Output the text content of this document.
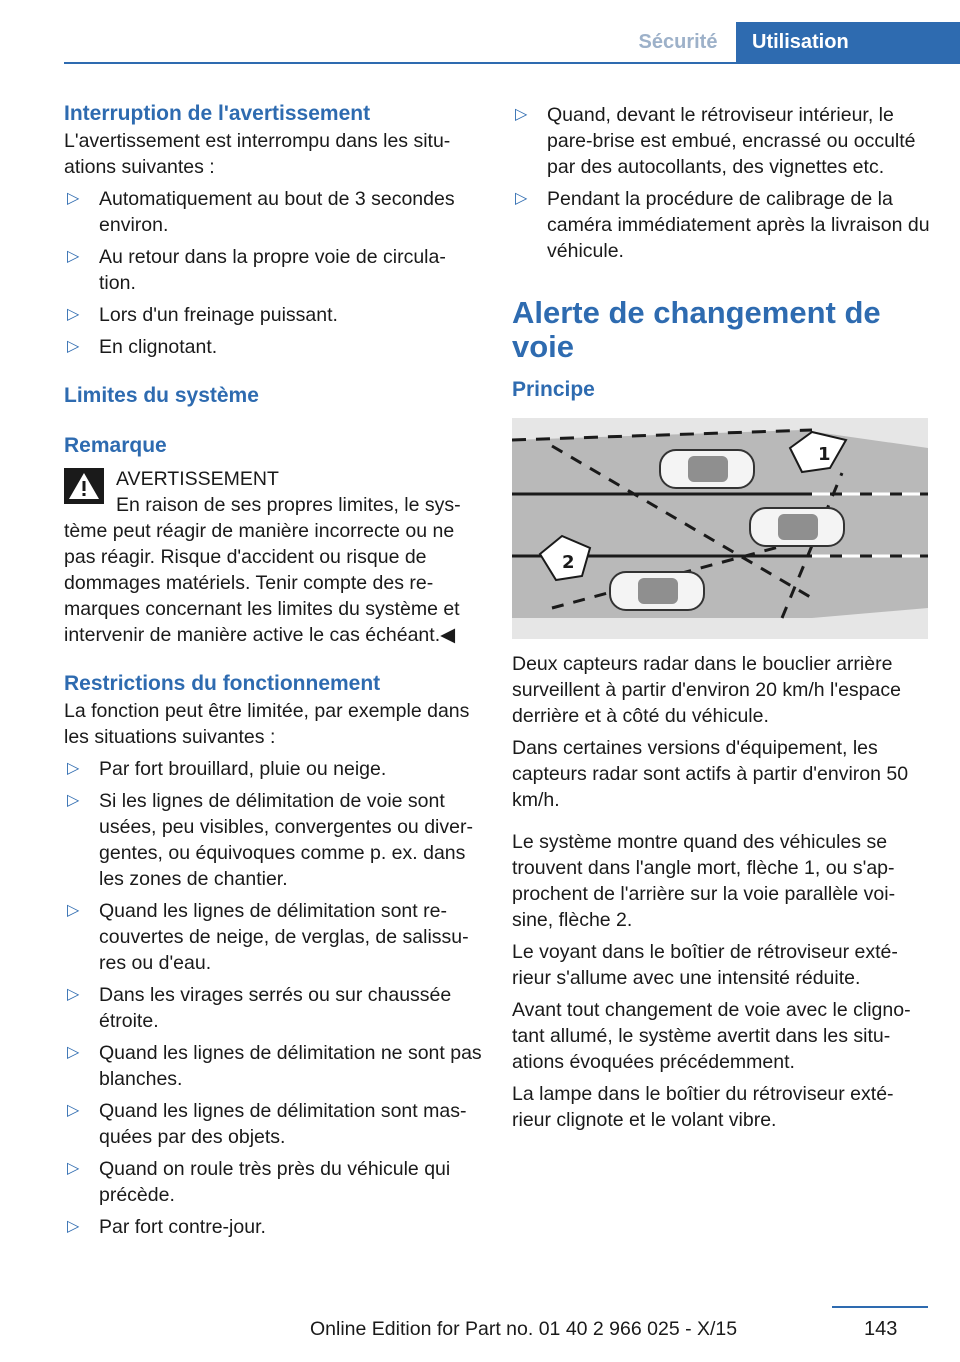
Sécurité	Utilisation
Interruption de l'avertissement

L'avertissement est interrompu dans les situ-ations suivantes :

▷ Automatiquement au bout de 3 secondes environ.
▷ Au retour dans la propre voie de circula-tion.
▷ Lors d'un freinage puissant.
▷ En clignotant.
Limites du système
Remarque
AVERTISSEMENT
En raison de ses propres limites, le sys-
tème peut réagir de manière incorrecte ou ne pas réagir. Risque d'accident ou risque de dommages matériels. Tenir compte des re-marques concernant les limites du système et intervenir de manière active le cas échéant.◀
Restrictions du fonctionnement

La fonction peut être limitée, par exemple dans les situations suivantes :

▷ Par fort brouillard, pluie ou neige.
▷ Si les lignes de délimitation de voie sont usées, peu visibles, convergentes ou diver-gentes, ou équivoques comme p. ex. dans les zones de chantier.
▷ Quand les lignes de délimitation sont re-couvertes de neige, de verglas, de salissu-res ou d'eau.
▷ Dans les virages serrés ou sur chaussée étroite.
▷ Quand les lignes de délimitation ne sont pas blanches.
▷ Quand les lignes de délimitation sont mas-quées par des objets.
▷ Quand on roule très près du véhicule qui précède.
▷ Par fort contre-jour.
▷ Quand, devant le rétroviseur intérieur, le pare-brise est embué, encrassé ou occulté par des autocollants, des vignettes etc.
▷ Pendant la procédure de calibrage de la caméra immédiatement après la livraison du véhicule.
Alerte de changement de voie
Principe
1
2

Deux capteurs radar dans le bouclier arrière surveillent à partir d'environ 20 km/h l'espace derrière et à côté du véhicule.

Dans certaines versions d'équipement, les capteurs radar sont actifs à partir d'environ 50 km/h.

Le système montre quand des véhicules se trouvent dans l'angle mort, flèche 1, ou s'ap-prochent de l'arrière sur la voie parallèle voi-sine, flèche 2.

Le voyant dans le boîtier de rétroviseur exté-rieur s'allume avec une intensité réduite.

Avant tout changement de voie avec le cligno-tant allumé, le système avertit dans les situ-ations évoquées précédemment.

La lampe dans le boîtier du rétroviseur exté-rieur clignote et le volant vibre.

Online Edition for Part no. 01 40 2 966 025 - X/15	143
